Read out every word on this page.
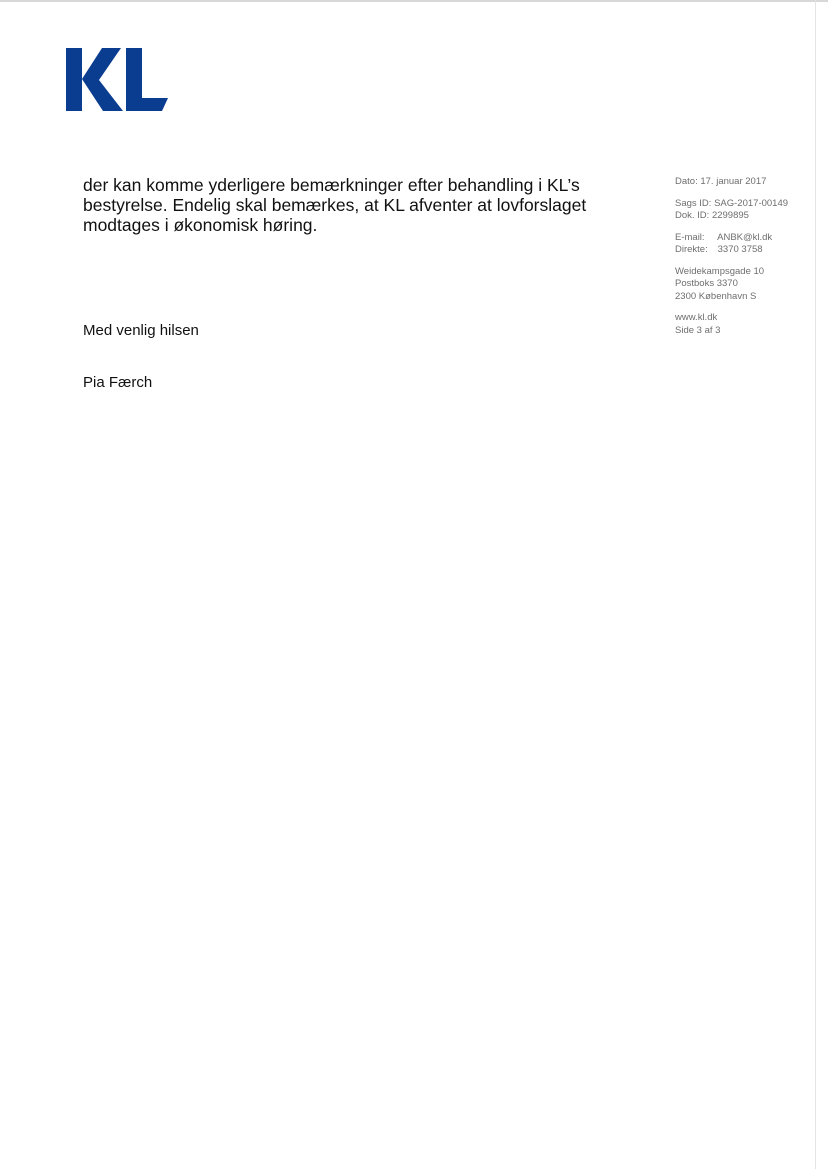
der kan komme yderligere bemærkninger efter behandling i KL’s

bestyrelse. Endelig skal bemærkes, at KL afventer at lovforslaget

modtages i økonomisk høring.

Med venlig hilsen
Pia Færch
Dato: 17. januar 2017
Sags ID: SAG-2017-00149
Dok. ID: 2299895
E-mail: ANBK@kl.dk
Direkte: 3370 3758
Weidekampsgade 10
Postboks 3370
2300 København S
www.kl.dk
Side 3 af 3
